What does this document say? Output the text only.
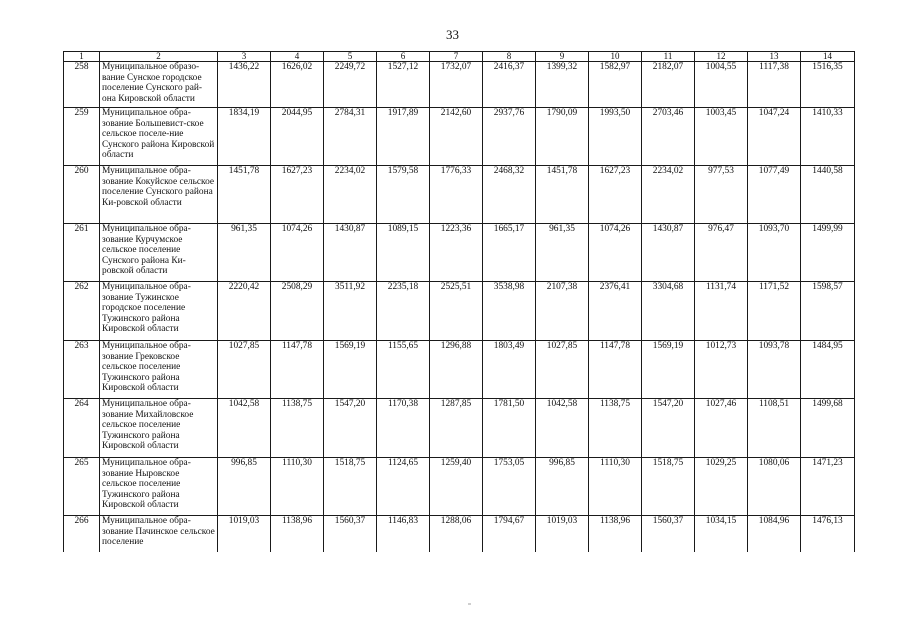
33
1	2	3	4	5	6	7	8	9	10	11	12	13	14
258	Муниципальное образо-вание Сунское городское поселение Сунского рай-она Кировской области	1436,22	1626,02	2249,72	1527,12	1732,07	2416,37	1399,32	1582,97	2182,07	1004,55	1117,38	1516,35
259	Муниципальное обра-зование Большевист-ское сельское поселе-ние Сунского района Кировской области	1834,19	2044,95	2784,31	1917,89	2142,60	2937,76	1790,09	1993,50	2703,46	1003,45	1047,24	1410,33
260	Муниципальное обра-зование Кокуйское сельское поселение Сунского района Ки-ровской области	1451,78	1627,23	2234,02	1579,58	1776,33	2468,32	1451,78	1627,23	2234,02	977,53	1077,49	1440,58
261	Муниципальное обра-зование Курчумское сельское поселение Сунского района Ки-ровской области	961,35	1074,26	1430,87	1089,15	1223,36	1665,17	961,35	1074,26	1430,87	976,47	1093,70	1499,99
262	Муниципальное обра-зование Тужинское городское поселение Тужинского района Кировской области	2220,42	2508,29	3511,92	2235,18	2525,51	3538,98	2107,38	2376,41	3304,68	1131,74	1171,52	1598,57
263	Муниципальное обра-зование Грековское сельское поселение Тужинского района Кировской области	1027,85	1147,78	1569,19	1155,65	1296,88	1803,49	1027,85	1147,78	1569,19	1012,73	1093,78	1484,95
264	Муниципальное обра-зование Михайловское сельское поселение Тужинского района Кировской области	1042,58	1138,75	1547,20	1170,38	1287,85	1781,50	1042,58	1138,75	1547,20	1027,46	1108,51	1499,68
265	Муниципальное обра-зование Ныровское сельское поселение Тужинского района Кировской области	996,85	1110,30	1518,75	1124,65	1259,40	1753,05	996,85	1110,30	1518,75	1029,25	1080,06	1471,23
266	Муниципальное обра-зование Пачинское сельское поселение	1019,03	1138,96	1560,37	1146,83	1288,06	1794,67	1019,03	1138,96	1560,37	1034,15	1084,96	1476,13
